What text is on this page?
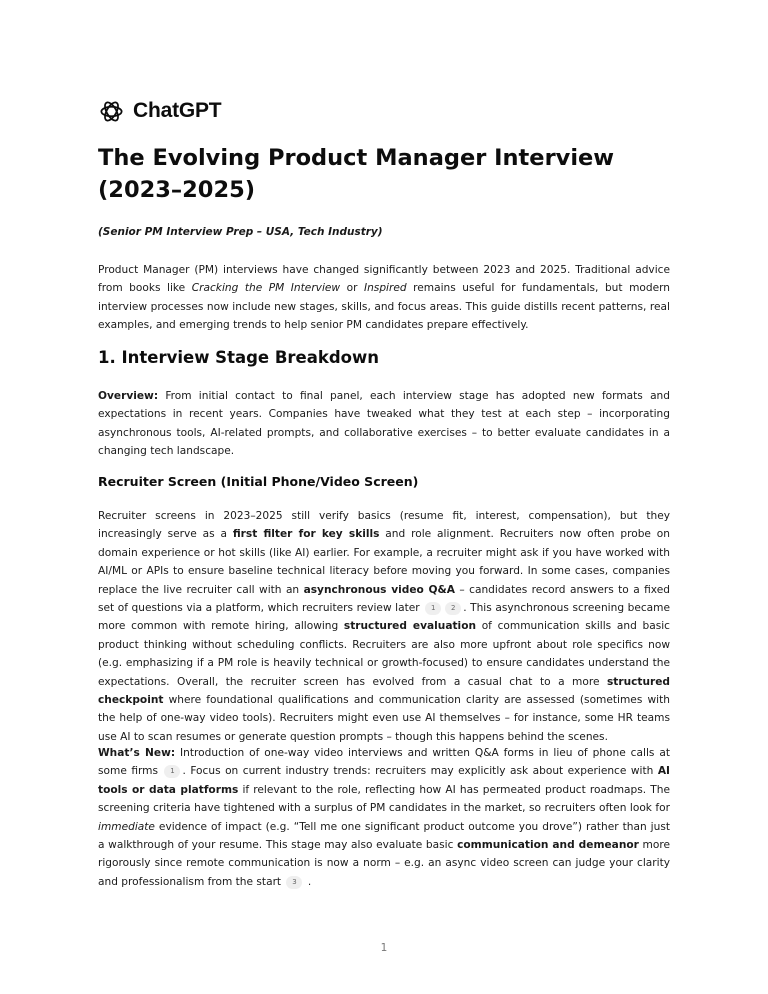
ChatGPT
The Evolving Product Manager Interview (2023–2025)

(Senior PM Interview Prep – USA, Tech Industry)

Product Manager (PM) interviews have changed significantly between 2023 and 2025. Traditional advice from books like Cracking the PM Interview or Inspired remains useful for fundamentals, but modern interview processes now include new stages, skills, and focus areas. This guide distills recent patterns, real examples, and emerging trends to help senior PM candidates prepare effectively.

1. Interview Stage Breakdown

Overview: From initial contact to final panel, each interview stage has adopted new formats and expectations in recent years. Companies have tweaked what they test at each step – incorporating asynchronous tools, AI-related prompts, and collaborative exercises – to better evaluate candidates in a changing tech landscape.

Recruiter Screen (Initial Phone/Video Screen)

Recruiter screens in 2023–2025 still verify basics (resume fit, interest, compensation), but they increasingly serve as a first filter for key skills and role alignment. Recruiters now often probe on domain experience or hot skills (like AI) earlier. For example, a recruiter might ask if you have worked with AI/ML or APIs to ensure baseline technical literacy before moving you forward. In some cases, companies replace the live recruiter call with an asynchronous video Q&A – candidates record answers to a fixed set of questions via a platform, which recruiters review later 1 2 . This asynchronous screening became more common with remote hiring, allowing structured evaluation of communication skills and basic product thinking without scheduling conflicts. Recruiters are also more upfront about role specifics now (e.g. emphasizing if a PM role is heavily technical or growth-focused) to ensure candidates understand the expectations. Overall, the recruiter screen has evolved from a casual chat to a more structured checkpoint where foundational qualifications and communication clarity are assessed (sometimes with the help of one-way video tools). Recruiters might even use AI themselves – for instance, some HR teams use AI to scan resumes or generate question prompts – though this happens behind the scenes.

What’s New: Introduction of one-way video interviews and written Q&A forms in lieu of phone calls at some firms 1 . Focus on current industry trends: recruiters may explicitly ask about experience with AI tools or data platforms if relevant to the role, reflecting how AI has permeated product roadmaps. The screening criteria have tightened with a surplus of PM candidates in the market, so recruiters often look for immediate evidence of impact (e.g. “Tell me one significant product outcome you drove”) rather than just a walkthrough of your resume. This stage may also evaluate basic communication and demeanor more rigorously since remote communication is now a norm – e.g. an async video screen can judge your clarity and professionalism from the start 3 .

1
